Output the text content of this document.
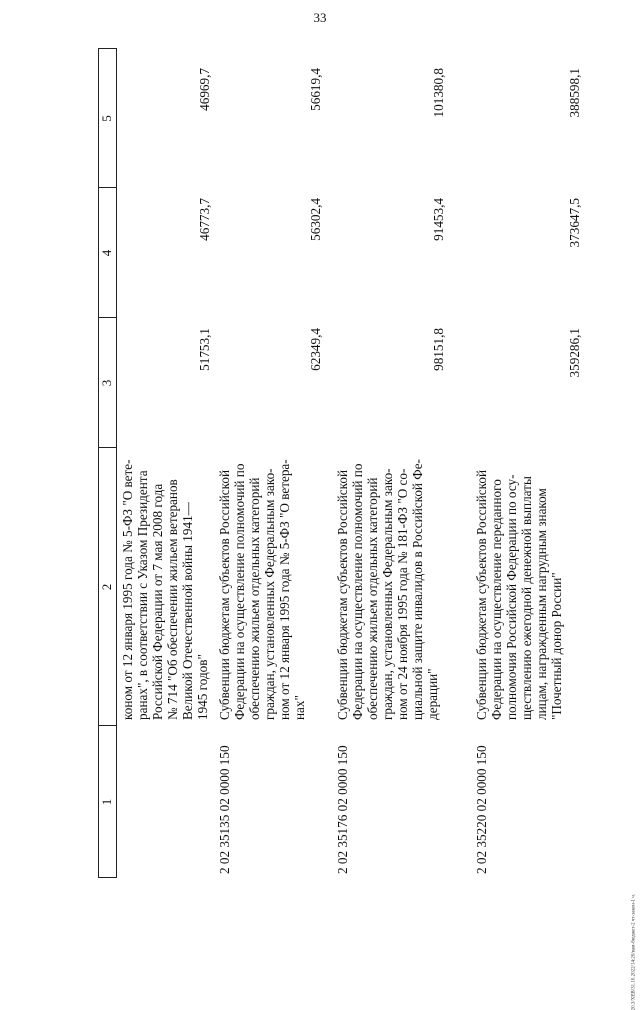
33
20.3/XEB/31.10.2022/14:20/вам-бюджет-2 чт-закон-1 ч.
1
2
3
4
5
коном от 12 января 1995 года № 5-ФЗ "О вете- ранах", в соответствии с Указом Президента Российской Федерации от 7 мая 2008 года № 714 "Об обеспечении жильем ветеранов Великой Отечественной войны 1941— 1945 годов"
51753,1
46773,7
46969,7
2 02 35135 02 0000 150
Субвенции бюджетам субъектов Российской Федерации на осуществление полномочий по обеспечению жильем отдельных категорий граждан, установленных Федеральным зако- ном от 12 января 1995 года № 5-ФЗ "О ветера- нах"
62349,4
56302,4
56619,4
2 02 35176 02 0000 150
Субвенции бюджетам субъектов Российской Федерации на осуществление полномочий по обеспечению жильем отдельных категорий граждан, установленных Федеральным зако- ном от 24 ноября 1995 года № 181-ФЗ "О со- циальной защите инвалидов в Российской Фе- дерации"
98151,8
91453,4
101380,8
2 02 35220 02 0000 150
Субвенции бюджетам субъектов Российской Федерации на осуществление переданного полномочия Российской Федерации по осу- ществлению ежегодной денежной выплаты лицам, награжденным нагрудным знаком "Почетный донор России"
359286,1
373647,5
388598,1
